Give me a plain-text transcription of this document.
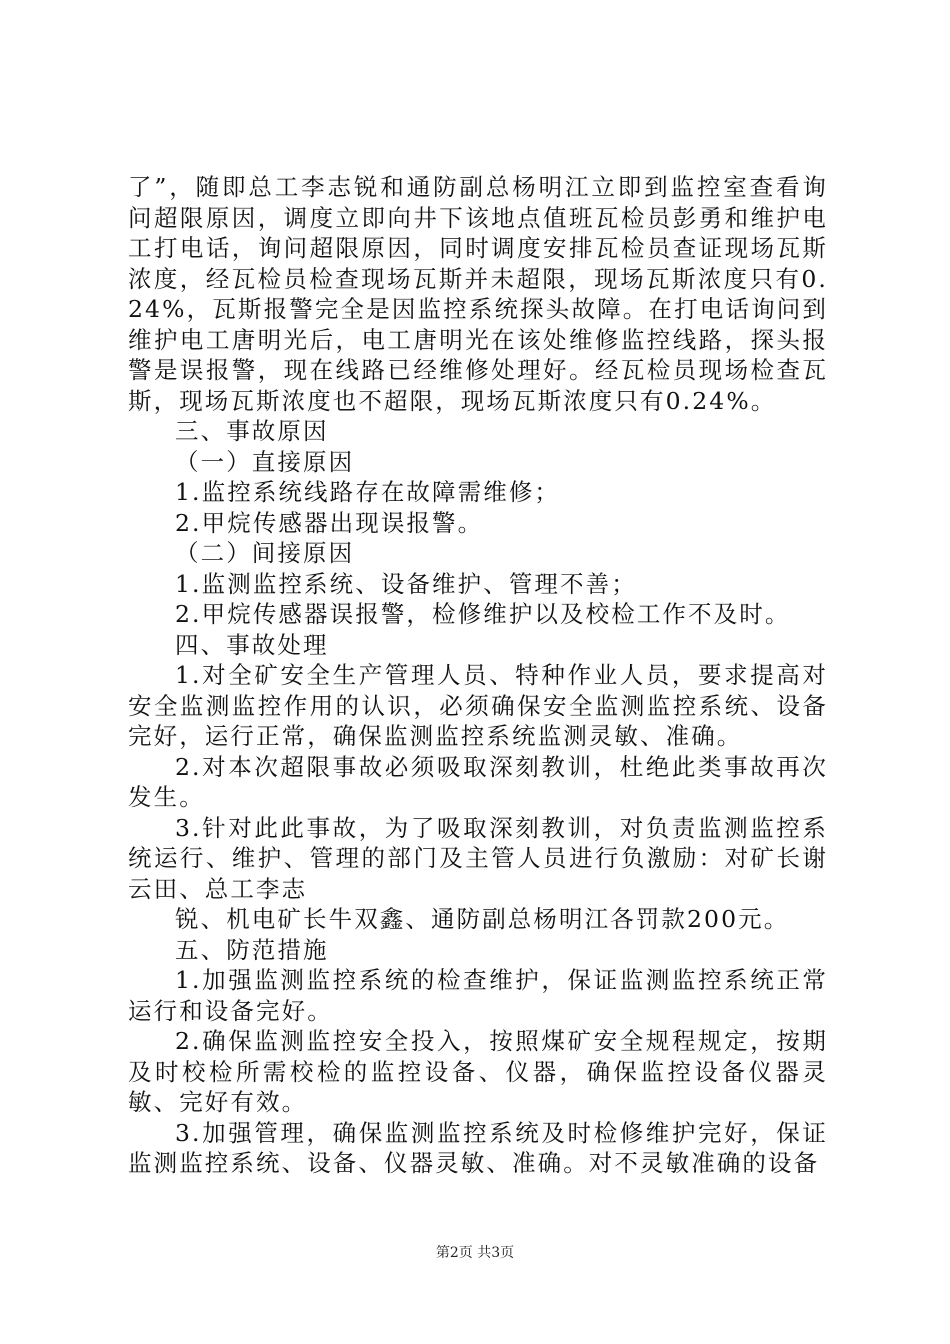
了”，随即总工李志锐和通防副总杨明江立即到监控室查看询问超限原因，调度立即向井下该地点值班瓦检员彭勇和维护电工打电话，询问超限原因，同时调度安排瓦检员查证现场瓦斯浓度，经瓦检员检查现场瓦斯并未超限，现场瓦斯浓度只有0.24%，瓦斯报警完全是因监控系统探头故障。在打电话询问到维护电工唐明光后，电工唐明光在该处维修监控线路，探头报警是误报警，现在线路已经维修处理好。经瓦检员现场检查瓦斯，现场瓦斯浓度也不超限，现场瓦斯浓度只有0.24%。

三、事故原因

（一）直接原因

1.监控系统线路存在故障需维修；

2.甲烷传感器出现误报警。

（二）间接原因

1.监测监控系统、设备维护、管理不善；

2.甲烷传感器误报警，检修维护以及校检工作不及时。

四、事故处理

1.对全矿安全生产管理人员、特种作业人员，要求提高对安全监测监控作用的认识，必须确保安全监测监控系统、设备完好，运行正常，确保监测监控系统监测灵敏、准确。

2.对本次超限事故必须吸取深刻教训，杜绝此类事故再次发生。

3.针对此此事故，为了吸取深刻教训，对负责监测监控系统运行、维护、管理的部门及主管人员进行负激励：对矿长谢云田、总工李志

锐、机电矿长牛双鑫、通防副总杨明江各罚款200元。

五、防范措施

1.加强监测监控系统的检查维护，保证监测监控系统正常运行和设备完好。

2.确保监测监控安全投入，按照煤矿安全规程规定，按期及时校检所需校检的监控设备、仪器，确保监控设备仪器灵敏、完好有效。

3.加强管理，确保监测监控系统及时检修维护完好，保证监测监控系统、设备、仪器灵敏、准确。对不灵敏准确的设备

第2页 共3页
